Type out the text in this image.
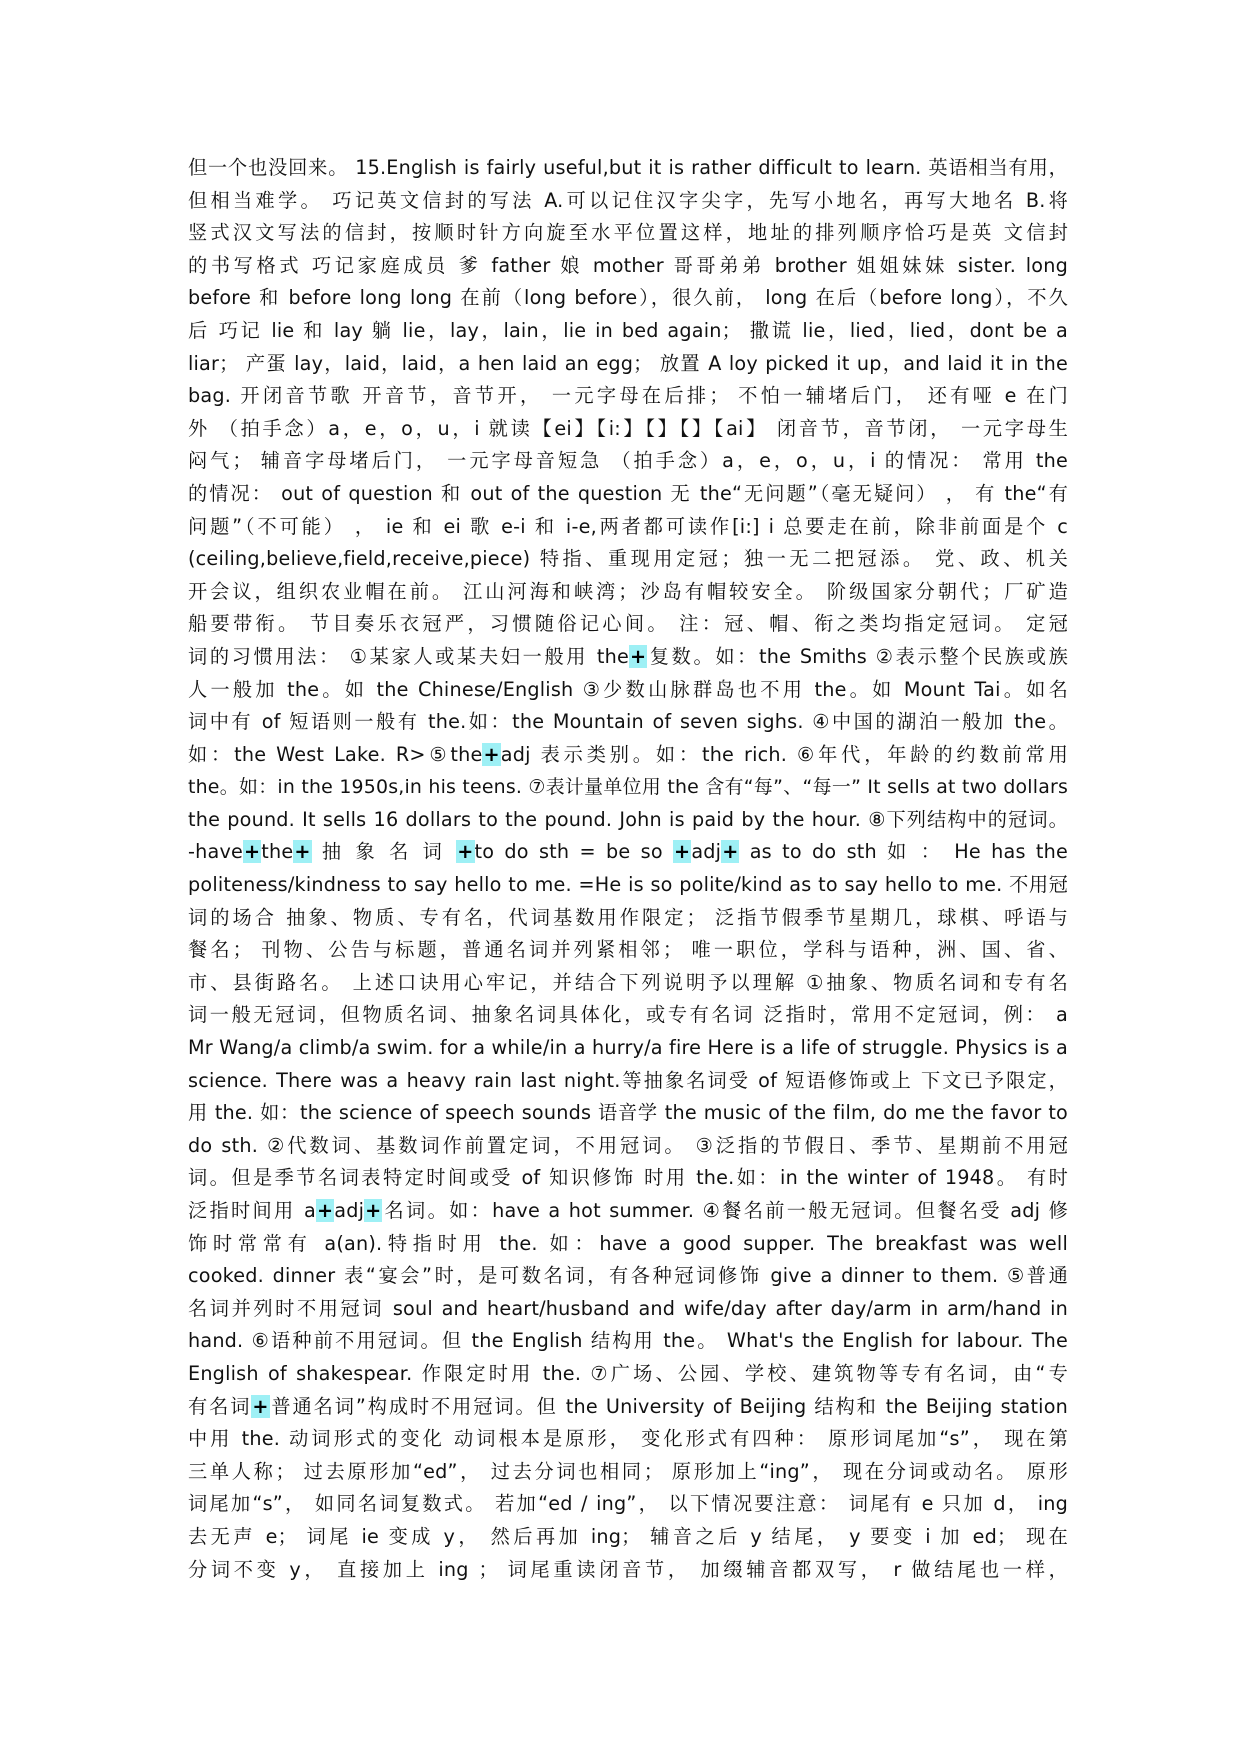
但一个也没回来。 15.English is fairly useful,but it is rather difficult to learn. 英语相当有用，
但相当难学。 巧记英文信封的写法 A.可以记住汉字尖字，先写小地名，再写大地名 B.将
竖式汉文写法的信封，按顺时针方向旋至水平位置这样，地址的排列顺序恰巧是英 文信封
的书写格式 巧记家庭成员 爹 father 娘 mother 哥哥弟弟 brother 姐姐妹妹 sister. long
before 和 before long long 在前（long before），很久前， long 在后（before long），不久
后 巧记 lie 和 lay 躺 lie，lay，lain，lie in bed again； 撒谎 lie，lied，lied，dont be a
liar； 产蛋 lay，laid，laid，a hen laid an egg； 放置 A loy picked it up，and laid it in the
bag. 开闭音节歌 开音节，音节开， 一元字母在后排； 不怕一辅堵后门， 还有哑 e 在门
外 （拍手念）a，e，o，u，i 就读【ei】【i:】【】【】【ai】 闭音节，音节闭， 一元字母生
闷气； 辅音字母堵后门， 一元字母音短急 （拍手念）a，e，o，u，i 的情况： 常用 the
的情况： out of question 和 out of the question 无 the“无问题”（毫无疑问） ， 有 the“有
问题”（不可能） ， ie 和 ei 歌 e-i 和 i-e,两者都可读作[i:] i 总要走在前，除非前面是个 c
(ceiling,believe,field,receive,piece) 特指、重现用定冠；独一无二把冠添。 党、政、机关
开会议，组织农业帽在前。 江山河海和峡湾；沙岛有帽较安全。 阶级国家分朝代；厂矿造
船要带衔。 节目奏乐衣冠严，习惯随俗记心间。 注：冠、帽、衔之类均指定冠词。 定冠
词的习惯用法： ①某家人或某夫妇一般用 the+复数。如：the Smiths ②表示整个民族或族
人一般加 the。如 the Chinese/English ③少数山脉群岛也不用 the。如 Mount Tai。如名
词中有 of 短语则一般有 the.如：the Mountain of seven sighs. ④中国的湖泊一般加 the。
如：the West Lake. R>⑤the+adj 表示类别。如：the rich. ⑥年代，年龄的约数前常用
the。如：in the 1950s,in his teens. ⑦表计量单位用 the 含有“每”、“每一” It sells at two dollars
the pound. It sells 16 dollars to the pound. John is paid by the hour. ⑧下列结构中的冠词。
-have+the+ 抽 象 名 词 +to do sth = be so +adj+ as to do sth 如 ： He has the
politeness/kindness to say hello to me. =He is so polite/kind as to say hello to me. 不用冠
词的场合 抽象、物质、专有名，代词基数用作限定； 泛指节假季节星期几，球棋、呼语与
餐名； 刊物、公告与标题，普通名词并列紧相邻； 唯一职位，学科与语种，洲、国、省、
市、县街路名。 上述口诀用心牢记，并结合下列说明予以理解 ①抽象、物质名词和专有名
词一般无冠词，但物质名词、抽象名词具体化，或专有名词 泛指时，常用不定冠词，例： a
Mr Wang/a climb/a swim. for a while/in a hurry/a fire Here is a life of struggle. Physics is a
science. There was a heavy rain last night.等抽象名词受 of 短语修饰或上 下文已予限定，
用 the. 如：the science of speech sounds 语音学 the music of the film, do me the favor to
do sth. ②代数词、基数词作前置定词，不用冠词。 ③泛指的节假日、季节、星期前不用冠
词。但是季节名词表特定时间或受 of 知识修饰 时用 the.如：in the winter of 1948。 有时
泛指时间用 a+adj+名词。如：have a hot summer. ④餐名前一般无冠词。但餐名受 adj 修
饰时常常有 a(an).特指时用 the. 如：have a good supper. The breakfast was well
cooked. dinner 表“宴会”时，是可数名词，有各种冠词修饰 give a dinner to them. ⑤普通
名词并列时不用冠词 soul and heart/husband and wife/day after day/arm in arm/hand in
hand. ⑥语种前不用冠词。但 the English 结构用 the。 What's the English for labour. The
English of shakespear. 作限定时用 the. ⑦广场、公园、学校、建筑物等专有名词，由“专
有名词+普通名词”构成时不用冠词。但 the University of Beijing 结构和 the Beijing station
中用 the. 动词形式的变化 动词根本是原形， 变化形式有四种： 原形词尾加“s”， 现在第
三单人称； 过去原形加“ed”， 过去分词也相同； 原形加上“ing”， 现在分词或动名。 原形
词尾加“s”， 如同名词复数式。 若加“ed / ing”， 以下情况要注意： 词尾有 e 只加 d， ing
去无声 e； 词尾 ie 变成 y， 然后再加 ing； 辅音之后 y 结尾， y 要变 i 加 ed； 现在
分词不变 y， 直接加上 ing ； 词尾重读闭音节， 加缀辅音都双写， r 做结尾也一样，
